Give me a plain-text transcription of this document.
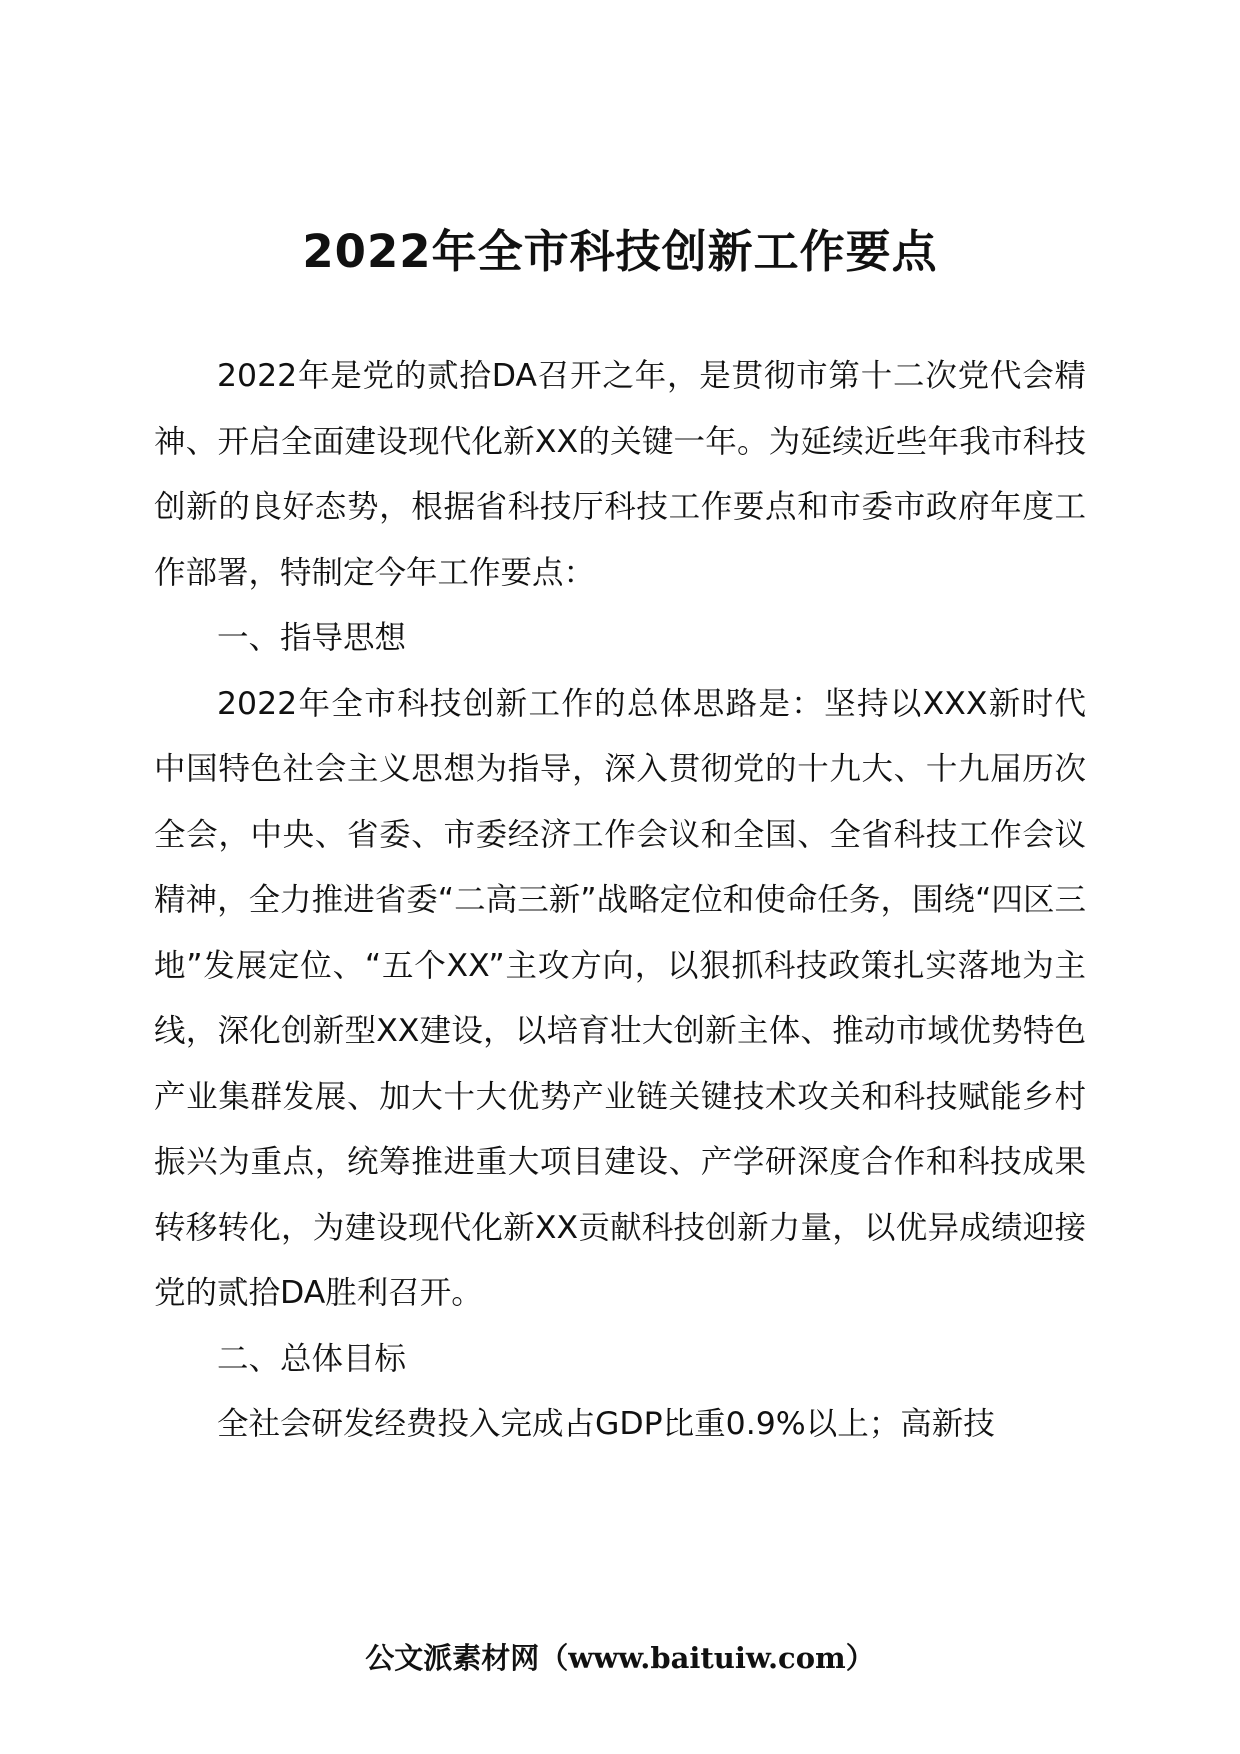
2022年全市科技创新工作要点

2022年是党的贰拾DA召开之年，是贯彻市第十二次党代会精神、开启全面建设现代化新XX的关键一年。为延续近些年我市科技创新的良好态势，根据省科技厅科技工作要点和市委市政府年度工作部署，特制定今年工作要点：

一、指导思想

2022年全市科技创新工作的总体思路是：坚持以XXX新时代中国特色社会主义思想为指导，深入贯彻党的十九大、十九届历次全会，中央、省委、市委经济工作会议和全国、全省科技工作会议精神，全力推进省委“二高三新”战略定位和使命任务，围绕“四区三地”发展定位、“五个XX”主攻方向，以狠抓科技政策扎实落地为主线，深化创新型XX建设，以培育壮大创新主体、推动市域优势特色产业集群发展、加大十大优势产业链关键技术攻关和科技赋能乡村振兴为重点，统筹推进重大项目建设、产学研深度合作和科技成果转移转化，为建设现代化新XX贡献科技创新力量，以优异成绩迎接党的贰拾DA胜利召开。

二、总体目标

全社会研发经费投入完成占GDP比重0.9%以上；高新技

公文派素材网（www.baituiw.com）
